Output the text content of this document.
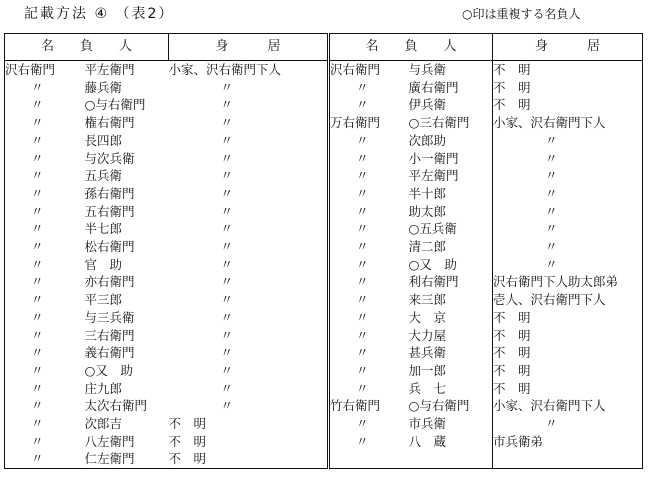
記載方法 ④ （表2）	○印は重複する名負人
名　　負　　人		身　　　居	名　　負　　人		身　　　居
沢右衛門	平左衛門	小家、沢右衛門下人	沢右衛門	与兵衛	不　明
〃	藤兵衛	〃	〃	廣右衛門	不　明
〃	○与右衛門	〃	〃	伊兵衛	不　明
〃	権右衛門	〃	万右衛門	○三右衛門	小家、沢右衛門下人
〃	長四郎	〃	〃	次郎助	〃
〃	与次兵衛	〃	〃	小一衛門	〃
〃	五兵衛	〃	〃	平左衛門	〃
〃	孫右衛門	〃	〃	半十郎	〃
〃	五右衛門	〃	〃	助太郎	〃
〃	半七郎	〃	〃	○五兵衛	〃
〃	松右衛門	〃	〃	清二郎	〃
〃	官　助	〃	〃	○又　助	〃
〃	亦右衛門	〃	〃	利右衛門	沢右衛門下人助太郎弟
〃	平三郎	〃	〃	来三郎	壱人、沢右衛門下人
〃	与三兵衛	〃	〃	大　京	不　明
〃	三右衛門	〃	〃	大力屋	不　明
〃	義右衛門	〃	〃	甚兵衛	不　明
〃	○又　助	〃	〃	加一郎	不　明
〃	庄九郎	〃	〃	兵　七	不　明
〃	太次右衛門	〃	竹右衛門	○与右衛門	小家、沢右衛門下人
〃	次郎吉	不　明	〃	市兵衛	〃
〃	八左衛門	不　明	〃	八　蔵	市兵衛弟
〃	仁左衛門	不　明			
